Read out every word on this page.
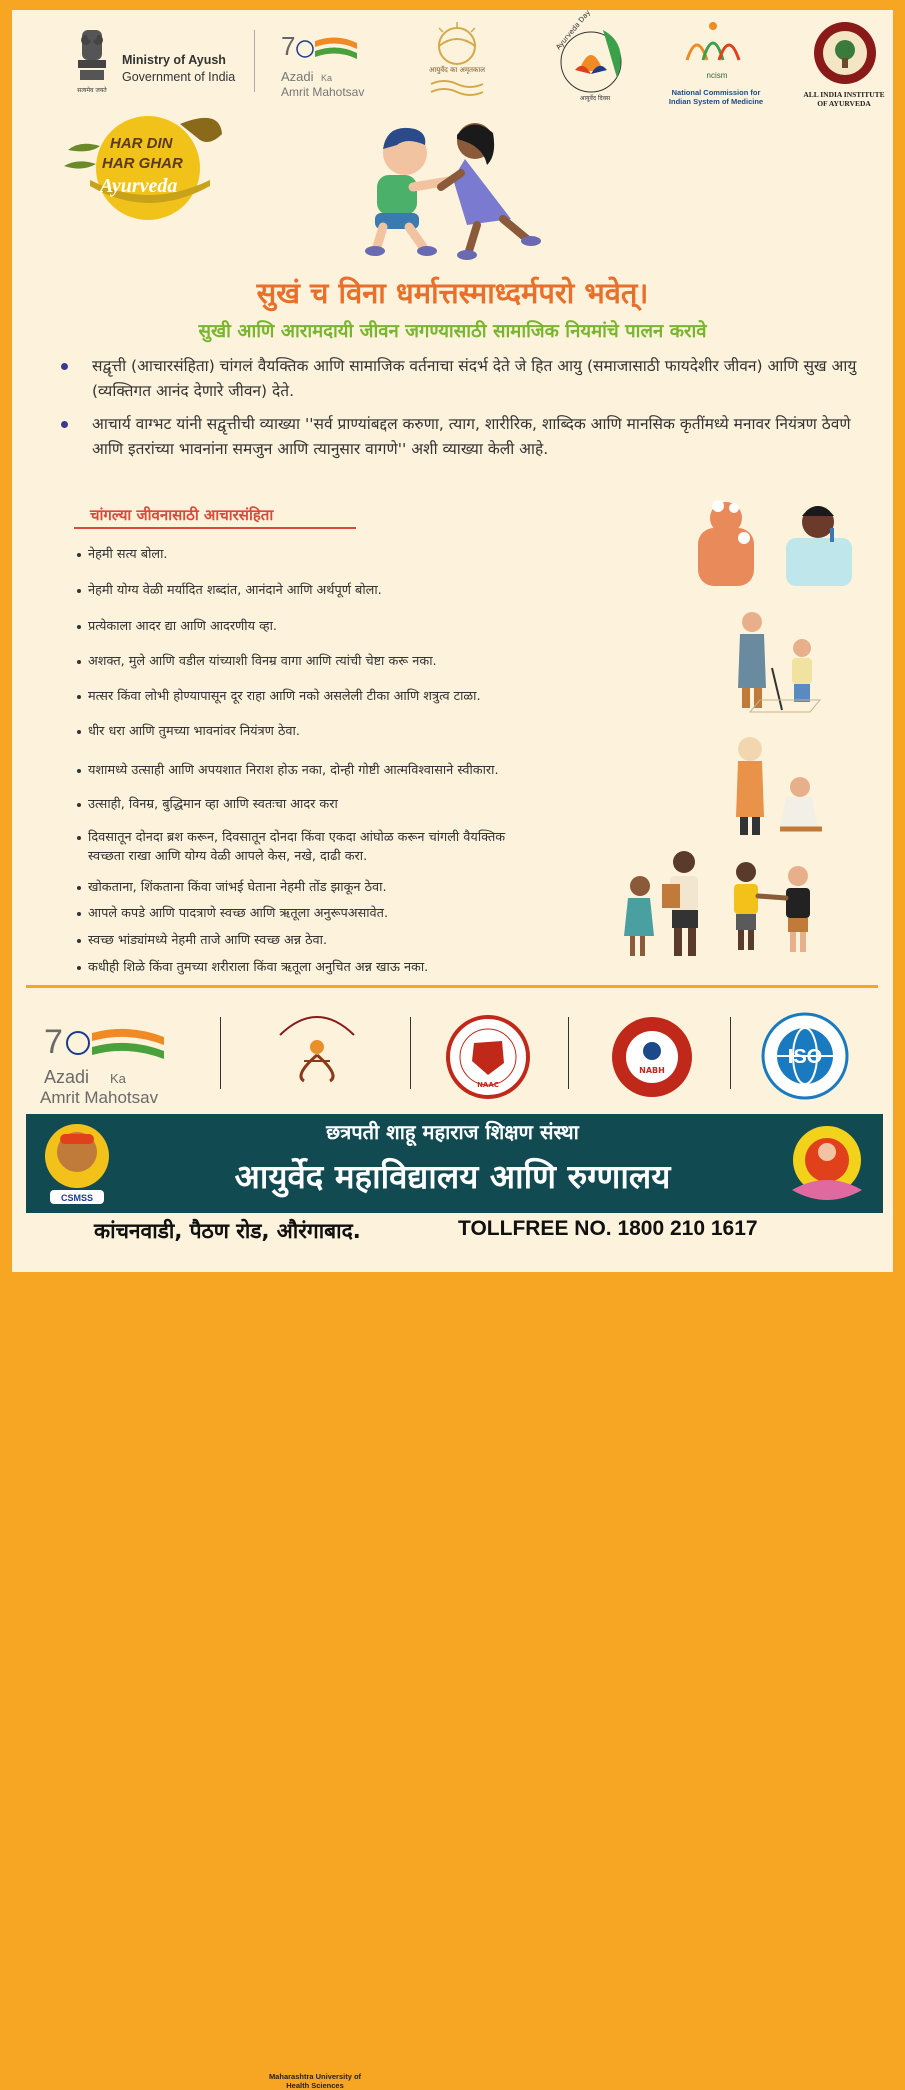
सत्यमेव जयते
Ministry of Ayush
Government of India
7
Azadi Ka
Amrit Mahotsav
आयुर्वेद का अमृतकाल
Ayurveda Day
आयुर्वेद दिवस
ncism
National Commission for
Indian System of Medicine
ALL INDIA INSTITUTE
OF AYURVEDA
HAR DIN
HAR GHAR
Ayurveda
सुखं च विना धर्मात्तस्माध्दर्मपरो भवेत्।
सुखी आणि आरामदायी जीवन जगण्यासाठी सामाजिक नियमांचे पालन करावे
सद्वृत्ती (आचारसंहिता) चांगलं वैयक्तिक आणि सामाजिक वर्तनाचा संदर्भ देते जे हित आयु (समाजासाठी फायदेशीर जीवन) आणि सुख आयु (व्यक्तिगत आनंद देणारे जीवन) देते.
आचार्य वाग्भट यांनी सद्वृत्तीची व्याख्या ''सर्व प्राण्यांबद्दल करुणा, त्याग, शारीरिक, शाब्दिक आणि मानसिक कृतींमध्ये मनावर नियंत्रण ठेवणे आणि इतरांच्या भावनांना समजुन आणि त्यानुसार वागणे'' अशी व्याख्या केली आहे.
चांगल्या जीवनासाठी आचारसंहिता
नेहमी सत्य बोला.
नेहमी योग्य वेळी मर्यादित शब्दांत, आनंदाने आणि अर्थपूर्ण बोला.
प्रत्येकाला आदर द्या आणि आदरणीय व्हा.
अशक्त, मुले आणि वडील यांच्याशी विनम्र वागा आणि त्यांची चेष्टा करू नका.
मत्सर किंवा लोभी होण्यापासून दूर राहा आणि नको असलेली टीका आणि शत्रुत्व टाळा.
धीर धरा आणि तुमच्या भावनांवर नियंत्रण ठेवा.
यशामध्ये उत्साही आणि अपयशात निराश होऊ नका, दोन्ही गोष्टी आत्मविश्वासाने स्वीकारा.
उत्साही, विनम्र, बुद्धिमान व्हा आणि स्वतःचा आदर करा
दिवसातून दोनदा ब्रश करून, दिवसातून दोनदा किंवा एकदा आंघोळ करून चांगली वैयक्तिक
स्वच्छता राखा आणि योग्य वेळी आपले केस, नखे, दाढी करा.
खोकताना, शिंकताना किंवा जांभई घेताना नेहमी तोंड झाकून ठेवा.
आपले कपडे आणि पादत्राणे स्वच्छ आणि ऋतूला अनुरूपअसावेत.
स्वच्छ भांड्यांमध्ये नेहमी ताजे आणि स्वच्छ अन्न ठेवा.
कधीही शिळे किंवा तुमच्या शरीराला किंवा ऋतूला अनुचित अन्न खाऊ नका.
7
Azadi Ka
Amrit Mahotsav
Maharashtra University of
Health Sciences
NAAC
NABH
ISO
CSMSS
छत्रपती शाहू महाराज शिक्षण संस्था
आयुर्वेद महाविद्यालय आणि रुग्णालय
कांचनवाडी, पैठण रोड, औरंगाबाद.	TOLLFREE NO. 1800 210 1617
